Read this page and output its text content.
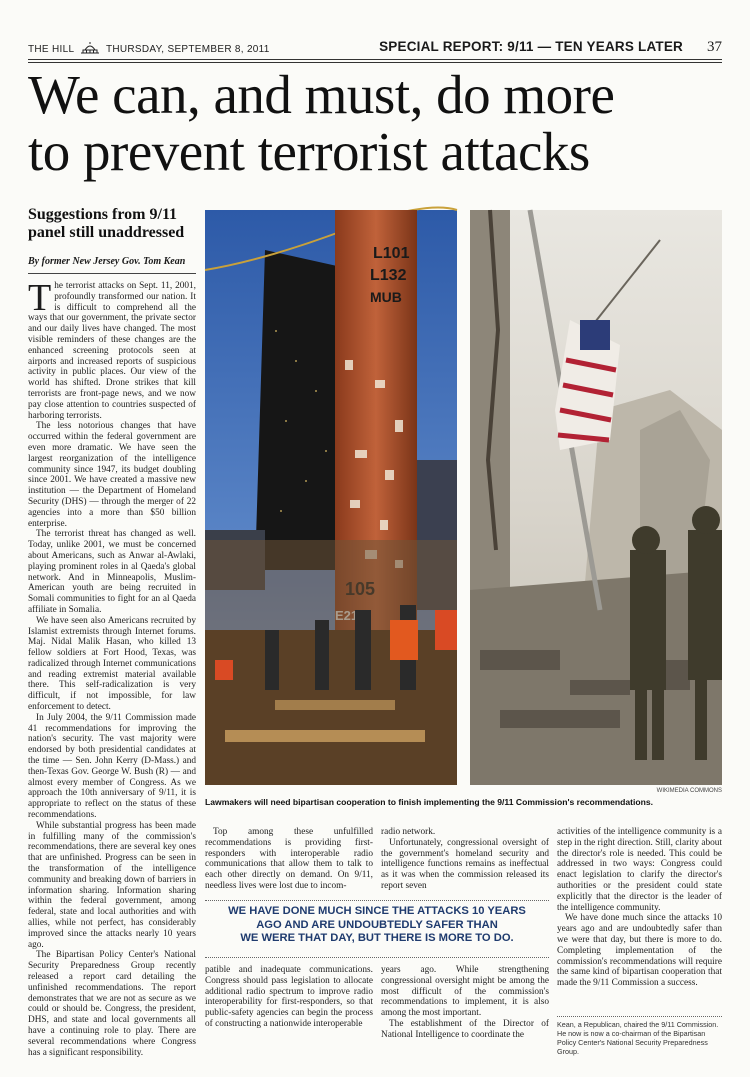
THE HILL	THURSDAY, SEPTEMBER 8, 2011	SPECIAL REPORT: 9/11 — TEN YEARS LATER 37
We can, and must, do more
to prevent terrorist attacks
Suggestions from 9/11 panel still unaddressed
By former New Jersey Gov. Tom Kean

The terrorist attacks on Sept. 11, 2001, profoundly transformed our nation. It is difficult to comprehend all the ways that our government, the private sector and our daily lives have changed. The most visible reminders of these changes are the enhanced screening protocols seen at airports and increased reports of suspicious activity in public places. Our view of the world has shifted. Drone strikes that kill terrorists are front-page news, and we now pay close attention to countries suspected of harboring terrorists.

The less notorious changes that have occurred within the federal government are even more dramatic. We have seen the largest reorganization of the intelligence community since 1947, its budget doubling since 2001. We have created a massive new institution — the Department of Homeland Security (DHS) — through the merger of 22 agencies into a more than $50 billion enterprise.

The terrorist threat has changed as well. Today, unlike 2001, we must be concerned about Americans, such as Anwar al-Awlaki, playing prominent roles in al Qaeda's global network. And in Minneapolis, Muslim-American youth are being recruited in Somali communities to fight for an al Qaeda affiliate in Somalia.

We have seen also Americans recruited by Islamist extremists through Internet forums. Maj. Nidal Malik Hasan, who killed 13 fellow soldiers at Fort Hood, Texas, was radicalized through Internet communications and reading extremist material available there. This self-radicalization is very difficult, if not impossible, for law enforcement to detect.

In July 2004, the 9/11 Commission made 41 recommendations for improving the nation's security. The vast majority were endorsed by both presidential candidates at the time — Sen. John Kerry (D-Mass.) and then-Texas Gov. George W. Bush (R) — and almost every member of Congress. As we approach the 10th anniversary of 9/11, it is appropriate to reflect on the status of these recommendations.

While substantial progress has been made in fulfilling many of the commission's recommendations, there are several key ones that are unfinished. Progress can be seen in the transformation of the intelligence community and breaking down of barriers in information sharing. Information sharing within the federal government, among federal, state and local authorities and with allies, while not perfect, has considerably improved since the attacks nearly 10 years ago.

The Bipartisan Policy Center's National Security Preparedness Group recently released a report card detailing the unfinished recommendations. The report demonstrates that we are not as secure as we could or should be. Congress, the president, DHS, and state and local governments all have a continuing role to play. There are several recommendations where Congress has a significant responsibility.

L101
L132
MUB
WIKIMEDIA COMMONS
Lawmakers will need bipartisan cooperation to finish implementing the 9/11 Commission's recommendations.

Top among these unfulfilled recommendations is providing first-responders with interoperable radio communications that allow them to talk to each other directly on demand. On 9/11, needless lives were lost due to incom-

radio network.

Unfortunately, congressional oversight of the government's homeland security and intelligence functions remains as ineffectual as it was when the commission released its report seven

activities of the intelligence community is a step in the right direction. Still, clarity about the director's role is needed. This could be addressed in two ways: Congress could enact legislation to clarify the director's authorities or the president could state explicitly that the director is the leader of the intelligence community.

We have done much since the attacks 10 years ago and are undoubtedly safer than we were that day, but there is more to do. Completing implementation of the commission's recommendations will require the same kind of bipartisan cooperation that made the 9/11 Commission a success.

WE HAVE DONE MUCH SINCE THE ATTACKS 10 YEARS
AGO AND ARE UNDOUBTEDLY SAFER THAN
WE WERE THAT DAY, BUT THERE IS MORE TO DO.

patible and inadequate communications. Congress should pass legislation to allocate additional radio spectrum to improve radio interoperability for first-responders, so that public-safety agencies can begin the process of constructing a nationwide interoperable

years ago. While strengthening congressional oversight might be among the most difficult of the commission's recommendations to implement, it is also among the most important.

The establishment of the Director of National Intelligence to coordinate the

Kean, a Republican, chaired the 9/11 Commission. He now is now a co-chairman of the Bipartisan Policy Center's National Security Preparedness Group.
